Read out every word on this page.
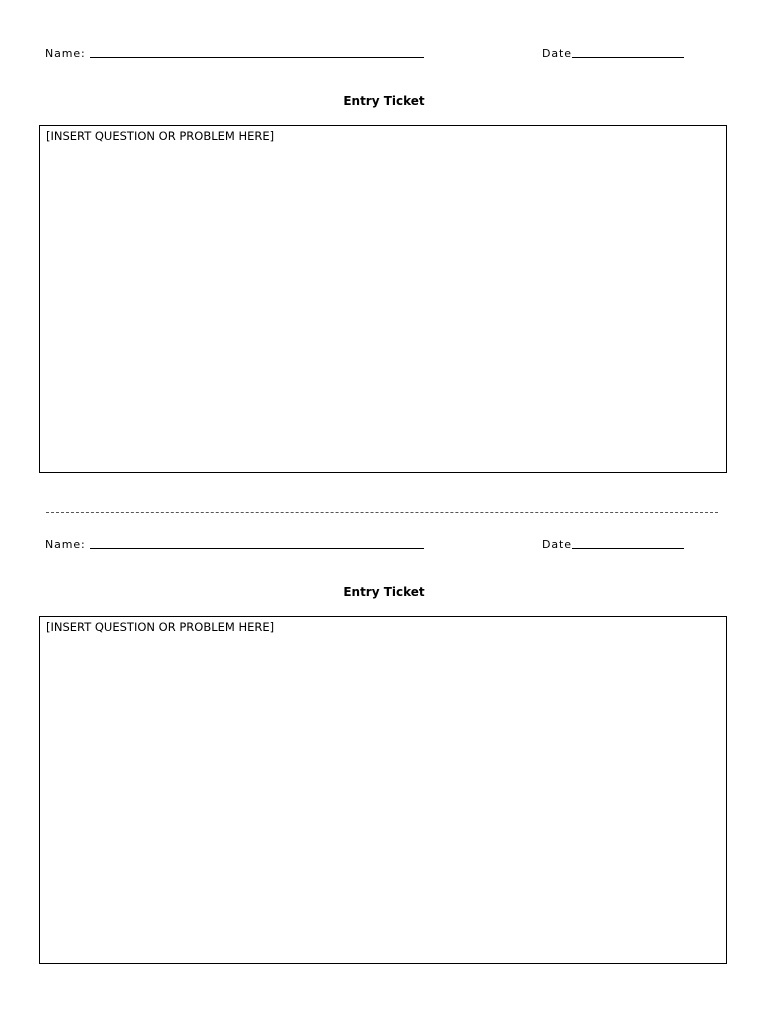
Name:	Date
Entry Ticket
[INSERT QUESTION OR PROBLEM HERE]
Name:	Date
Entry Ticket
[INSERT QUESTION OR PROBLEM HERE]
